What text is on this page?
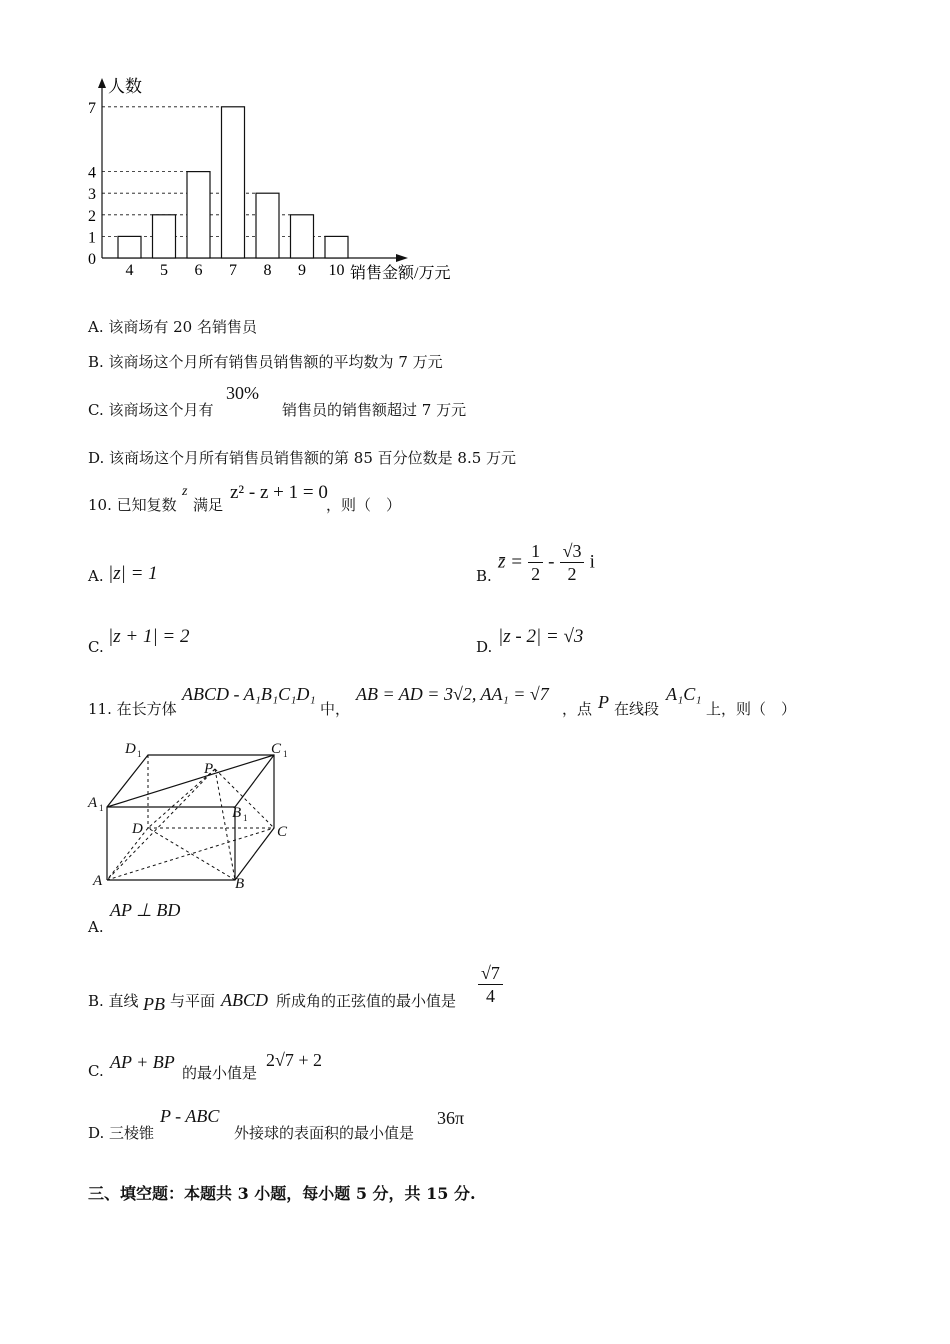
人数
销售金额/万元
4 5 6 7 8 9 10
0
1
2
3
4
7
A. 该商场有 20 名销售员
B. 该商场这个月所有销售员销售额的平均数为 7 万元
C. 该商场这个月有
30%
销售员的销售额超过 7 万元
D. 该商场这个月所有销售员销售额的第 85 百分位数是 8.5 万元
10. 已知复数
z
满足
z² - z + 1 = 0
，则（　）
A. |z| = 1	B.
z̄ = $\frac{1}{2} - \frac{√3}{2}$ i
C. |z + 1| = 2	D. |z - 2| = √3
11. 在长方体
ABCD - A₁B₁C₁D₁
中，
AB = AD = 3√2, AA₁ = √7
，点 P 在线段
A₁C₁
上，则（　）
D 1	C 1
P
A 1	B 1
D	C
A	B
A.
AP ⊥ BD
B. 直线 PB 与平面 ABCD 所成角的正弦值的最小值是 $\frac{√7}{4}$
C. AP + BP
的最小值是
2√7 + 2
D. 三棱锥
P - ABC
外接球的表面积的最小值是
36π
三、填空题：本题共 3 小题，每小题 5 分，共 15 分.
